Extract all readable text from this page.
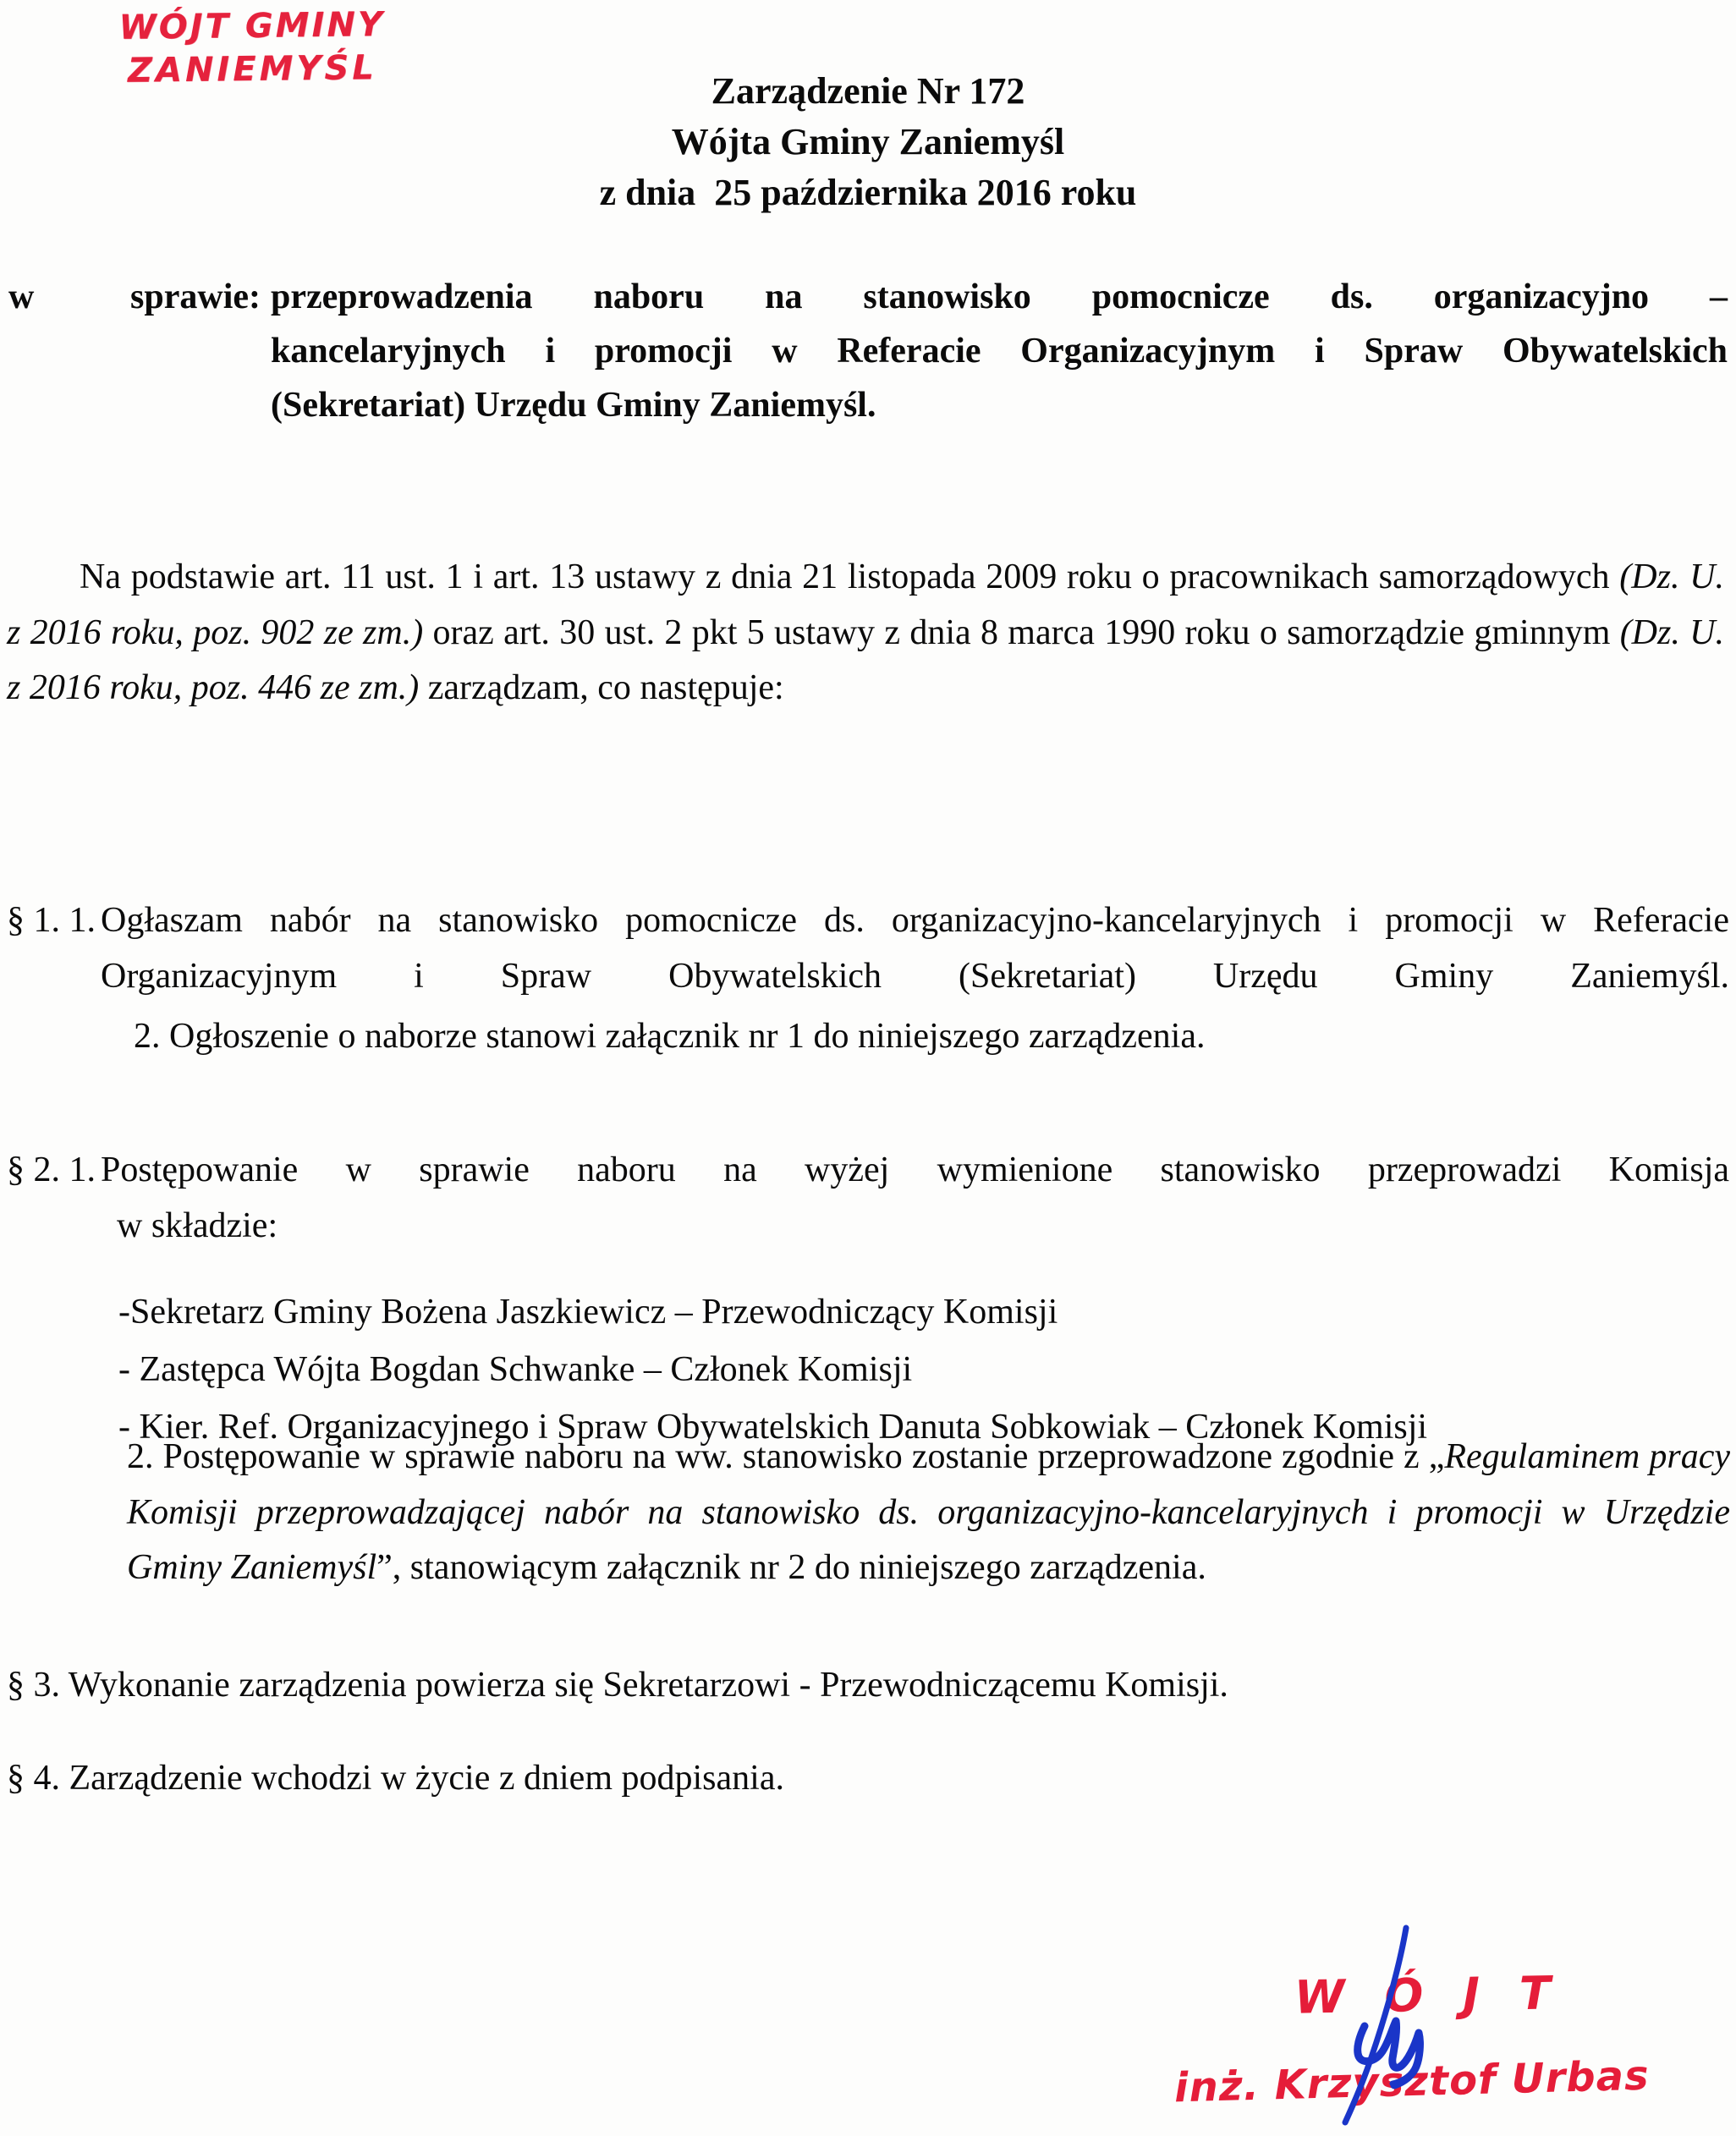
WÓJT GMINY
ZANIEMYŚL
Zarządzenie Nr 172
Wójta Gminy Zaniemyśl
z dnia  25 października 2016 roku
w	sprawie: przeprowadzenia naboru na stanowisko pomocnicze ds. organizacyjno –
kancelaryjnych i promocji w Referacie Organizacyjnym i Spraw Obywatelskich
(Sekretariat) Urzędu Gminy Zaniemyśl.
Na podstawie art. 11 ust. 1 i art. 13 ustawy z dnia 21 listopada 2009 roku o pracownikach samorządowych (Dz. U. z 2016 roku, poz. 902 ze zm.) oraz art. 30 ust. 2 pkt 5 ustawy z dnia 8 marca 1990 roku o samorządzie gminnym (Dz. U. z 2016 roku, poz. 446 ze zm.) zarządzam, co następuje:
§ 1. 1. Ogłaszam nabór na stanowisko pomocnicze ds. organizacyjno-kancelaryjnych i promocji w Referacie Organizacyjnym i Spraw Obywatelskich (Sekretariat) Urzędu Gminy Zaniemyśl.
2. Ogłoszenie o naborze stanowi załącznik nr 1 do niniejszego zarządzenia.
§ 2. 1. Postępowanie w sprawie naboru na wyżej wymienione stanowisko przeprowadzi Komisja
w składzie:
-Sekretarz Gminy Bożena Jaszkiewicz – Przewodniczący Komisji
- Zastępca Wójta Bogdan Schwanke – Członek Komisji
- Kier. Ref. Organizacyjnego i Spraw Obywatelskich Danuta Sobkowiak – Członek Komisji
2. Postępowanie w sprawie naboru na ww. stanowisko zostanie przeprowadzone zgodnie z „Regulaminem pracy Komisji przeprowadzającej nabór na stanowisko ds. organizacyjno-kancelaryjnych i promocji w Urzędzie Gminy Zaniemyśl”, stanowiącym załącznik nr 2 do niniejszego zarządzenia.
§ 3. Wykonanie zarządzenia powierza się Sekretarzowi - Przewodniczącemu Komisji.
§ 4. Zarządzenie wchodzi w życie z dniem podpisania.
W Ó J T
inż. Krzysztof Urbas
